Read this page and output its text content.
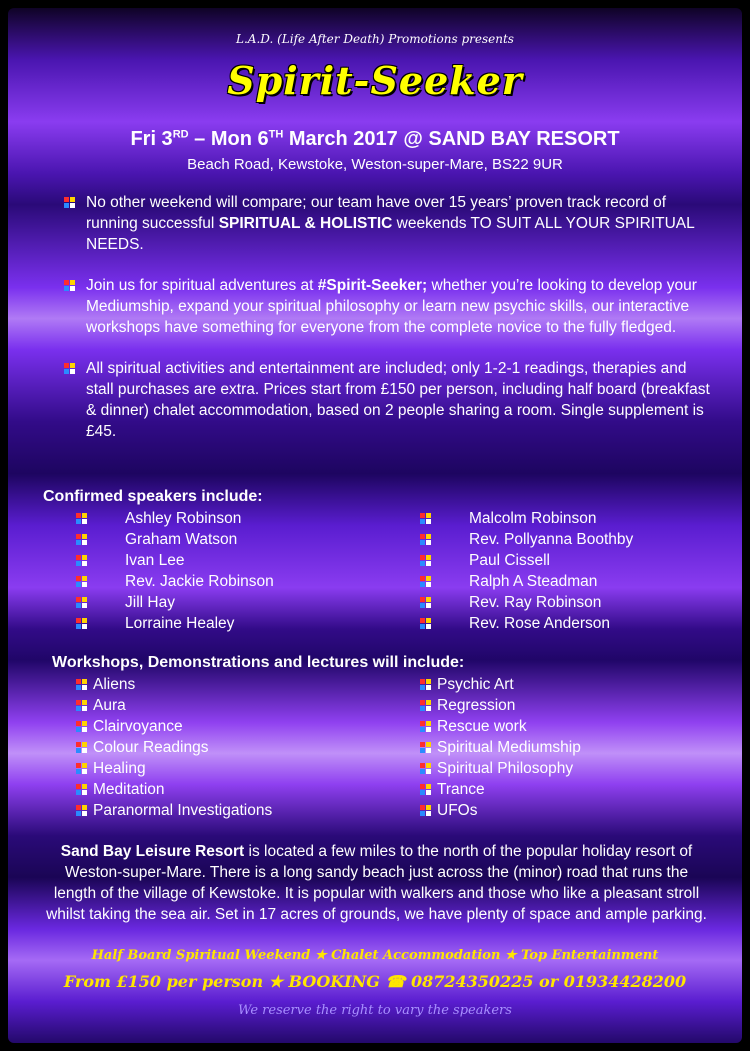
L.A.D. (Life After Death) Promotions presents
Spirit-Seeker
Fri 3RD – Mon 6TH March 2017 @ SAND BAY RESORT
Beach Road, Kewstoke, Weston-super-Mare, BS22 9UR
No other weekend will compare; our team have over 15 years’ proven track record of running successful SPIRITUAL & HOLISTIC weekends TO SUIT ALL YOUR SPIRITUAL NEEDS.
Join us for spiritual adventures at #Spirit-Seeker; whether you’re looking to develop your Mediumship, expand your spiritual philosophy or learn new psychic skills, our interactive workshops have something for everyone from the complete novice to the fully fledged.
All spiritual activities and entertainment are included; only 1-2-1 readings, therapies and stall purchases are extra. Prices start from £150 per person, including half board (breakfast & dinner) chalet accommodation, based on 2 people sharing a room. Single supplement is £45.
Confirmed speakers include:
Ashley Robinson
Graham Watson
Ivan Lee
Rev. Jackie Robinson
Jill Hay
Lorraine Healey
Malcolm Robinson
Rev. Pollyanna Boothby
Paul Cissell
Ralph A Steadman
Rev. Ray Robinson
Rev. Rose Anderson
Workshops, Demonstrations and lectures will include:
Aliens
Aura
Clairvoyance
Colour Readings
Healing
Meditation
Paranormal Investigations
Psychic Art
Regression
Rescue work
Spiritual Mediumship
Spiritual Philosophy
Trance
UFOs
Sand Bay Leisure Resort is located a few miles to the north of the popular holiday resort of Weston-super-Mare. There is a long sandy beach just across the (minor) road that runs the length of the village of Kewstoke. It is popular with walkers and those who like a pleasant stroll whilst taking the sea air. Set in 17 acres of grounds, we have plenty of space and ample parking.
Half Board Spiritual Weekend ★ Chalet Accommodation ★ Top Entertainment
From £150 per person ★ BOOKING ☎ 08724350225 or 01934428200
We reserve the right to vary the speakers
